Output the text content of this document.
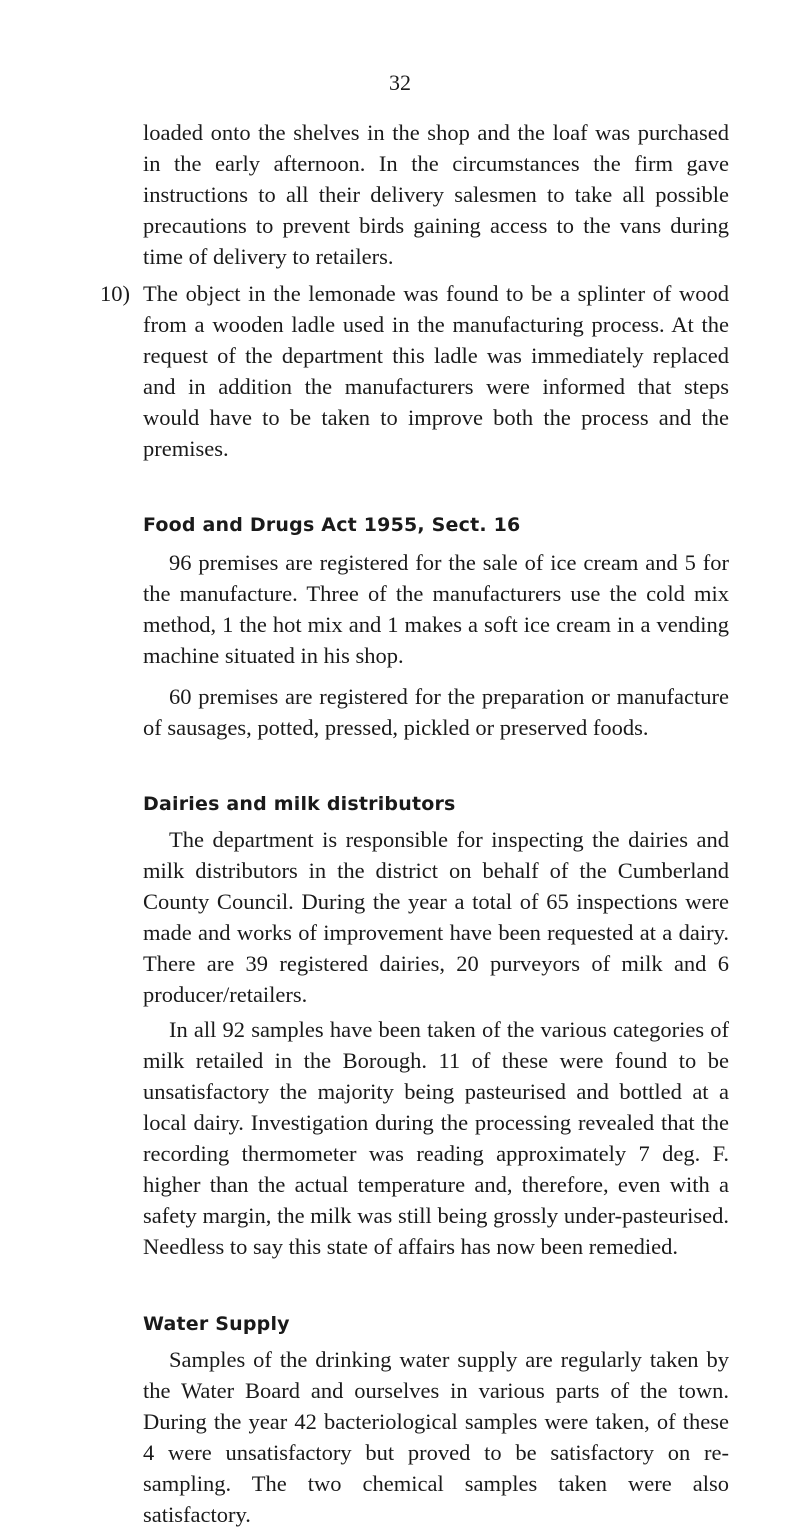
32

loaded onto the shelves in the shop and the loaf was purchased in the early afternoon. In the circumstances the firm gave instructions to all their delivery salesmen to take all possible precautions to prevent birds gaining access to the vans during time of delivery to retailers.

10) The object in the lemonade was found to be a splinter of wood from a wooden ladle used in the manufacturing process. At the request of the department this ladle was immediately replaced and in addition the manufacturers were informed that steps would have to be taken to improve both the process and the premises.

Food and Drugs Act 1955, Sect. 16

96 premises are registered for the sale of ice cream and 5 for the manufacture. Three of the manufacturers use the cold mix method, 1 the hot mix and 1 makes a soft ice cream in a vending machine situated in his shop.

60 premises are registered for the preparation or manufacture of sausages, potted, pressed, pickled or preserved foods.

Dairies and milk distributors

The department is responsible for inspecting the dairies and milk distributors in the district on behalf of the Cumberland County Council. During the year a total of 65 inspections were made and works of improvement have been requested at a dairy. There are 39 registered dairies, 20 purveyors of milk and 6 producer/retailers.

In all 92 samples have been taken of the various categories of milk retailed in the Borough. 11 of these were found to be unsatisfactory the majority being pasteurised and bottled at a local dairy. Investigation during the processing revealed that the recording thermometer was reading approximately 7 deg. F. higher than the actual temperature and, therefore, even with a safety margin, the milk was still being grossly under-pasteurised. Needless to say this state of affairs has now been remedied.

Water Supply

Samples of the drinking water supply are regularly taken by the Water Board and ourselves in various parts of the town. During the year 42 bacteriological samples were taken, of these 4 were unsatisfactory but proved to be satisfactory on re-sampling. The two chemical samples taken were also satisfactory.
